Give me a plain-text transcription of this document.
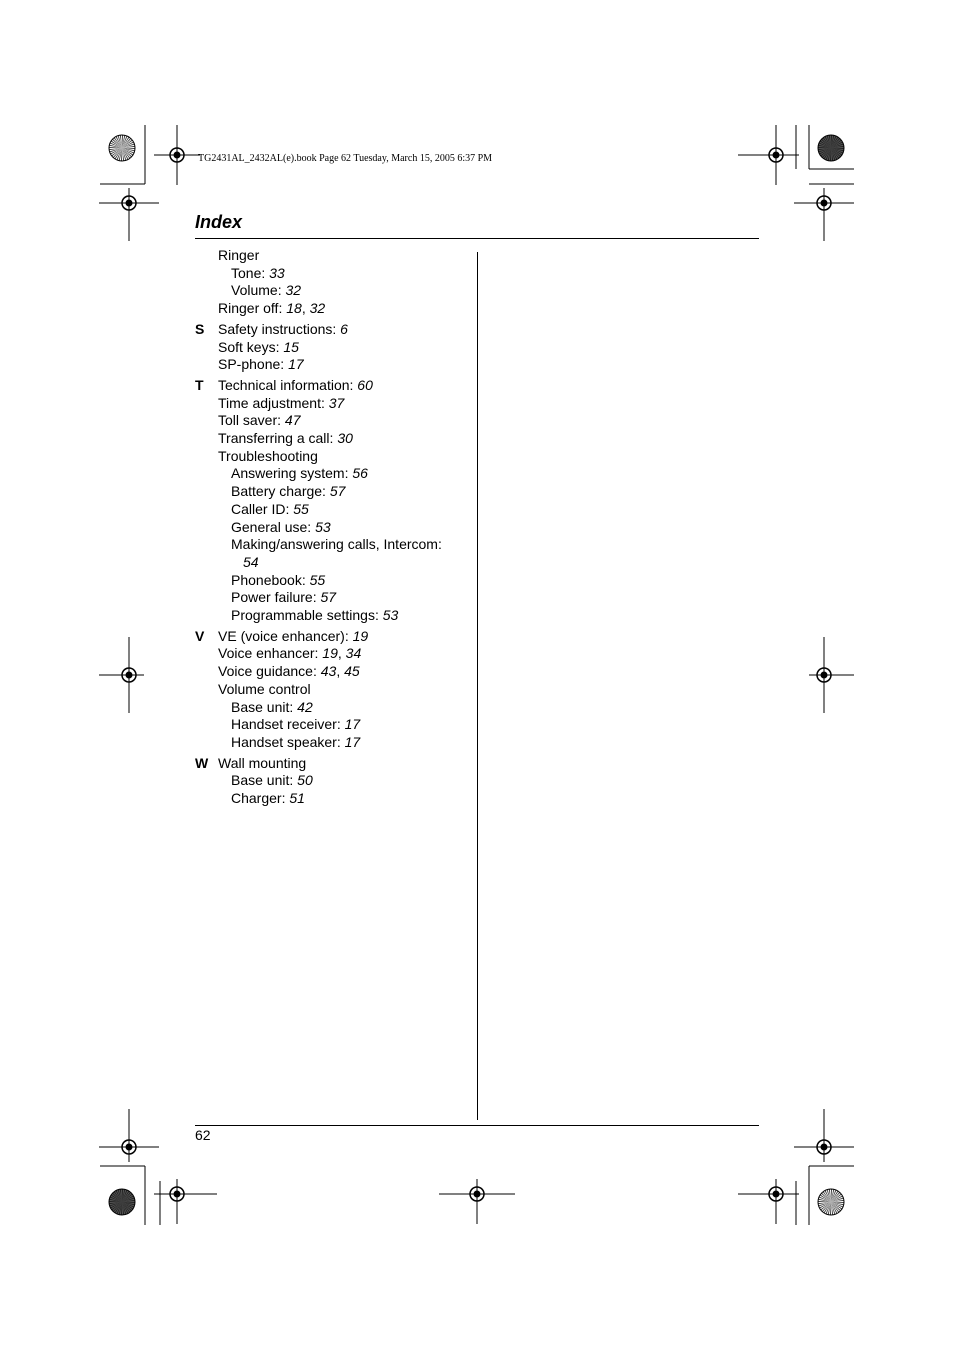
TG2431AL_2432AL(e).book Page 62 Tuesday, March 15, 2005 6:37 PM
Index
Ringer
Tone: 33
Volume: 32
Ringer off: 18, 32
S Safety instructions: 6
Soft keys: 15
SP-phone: 17
T	Technical information: 60
Time adjustment: 37
Toll saver: 47
Transferring a call: 30
Troubleshooting
Answering system: 56
Battery charge: 57
Caller ID: 55
General use: 53
Making/answering calls, Intercom:
54
Phonebook: 55
Power failure: 57
Programmable settings: 53
V VE (voice enhancer): 19
Voice enhancer: 19, 34
Voice guidance: 43, 45
Volume control
Base unit: 42
Handset receiver: 17
Handset speaker: 17
W Wall mounting
Base unit: 50
Charger: 51
62
